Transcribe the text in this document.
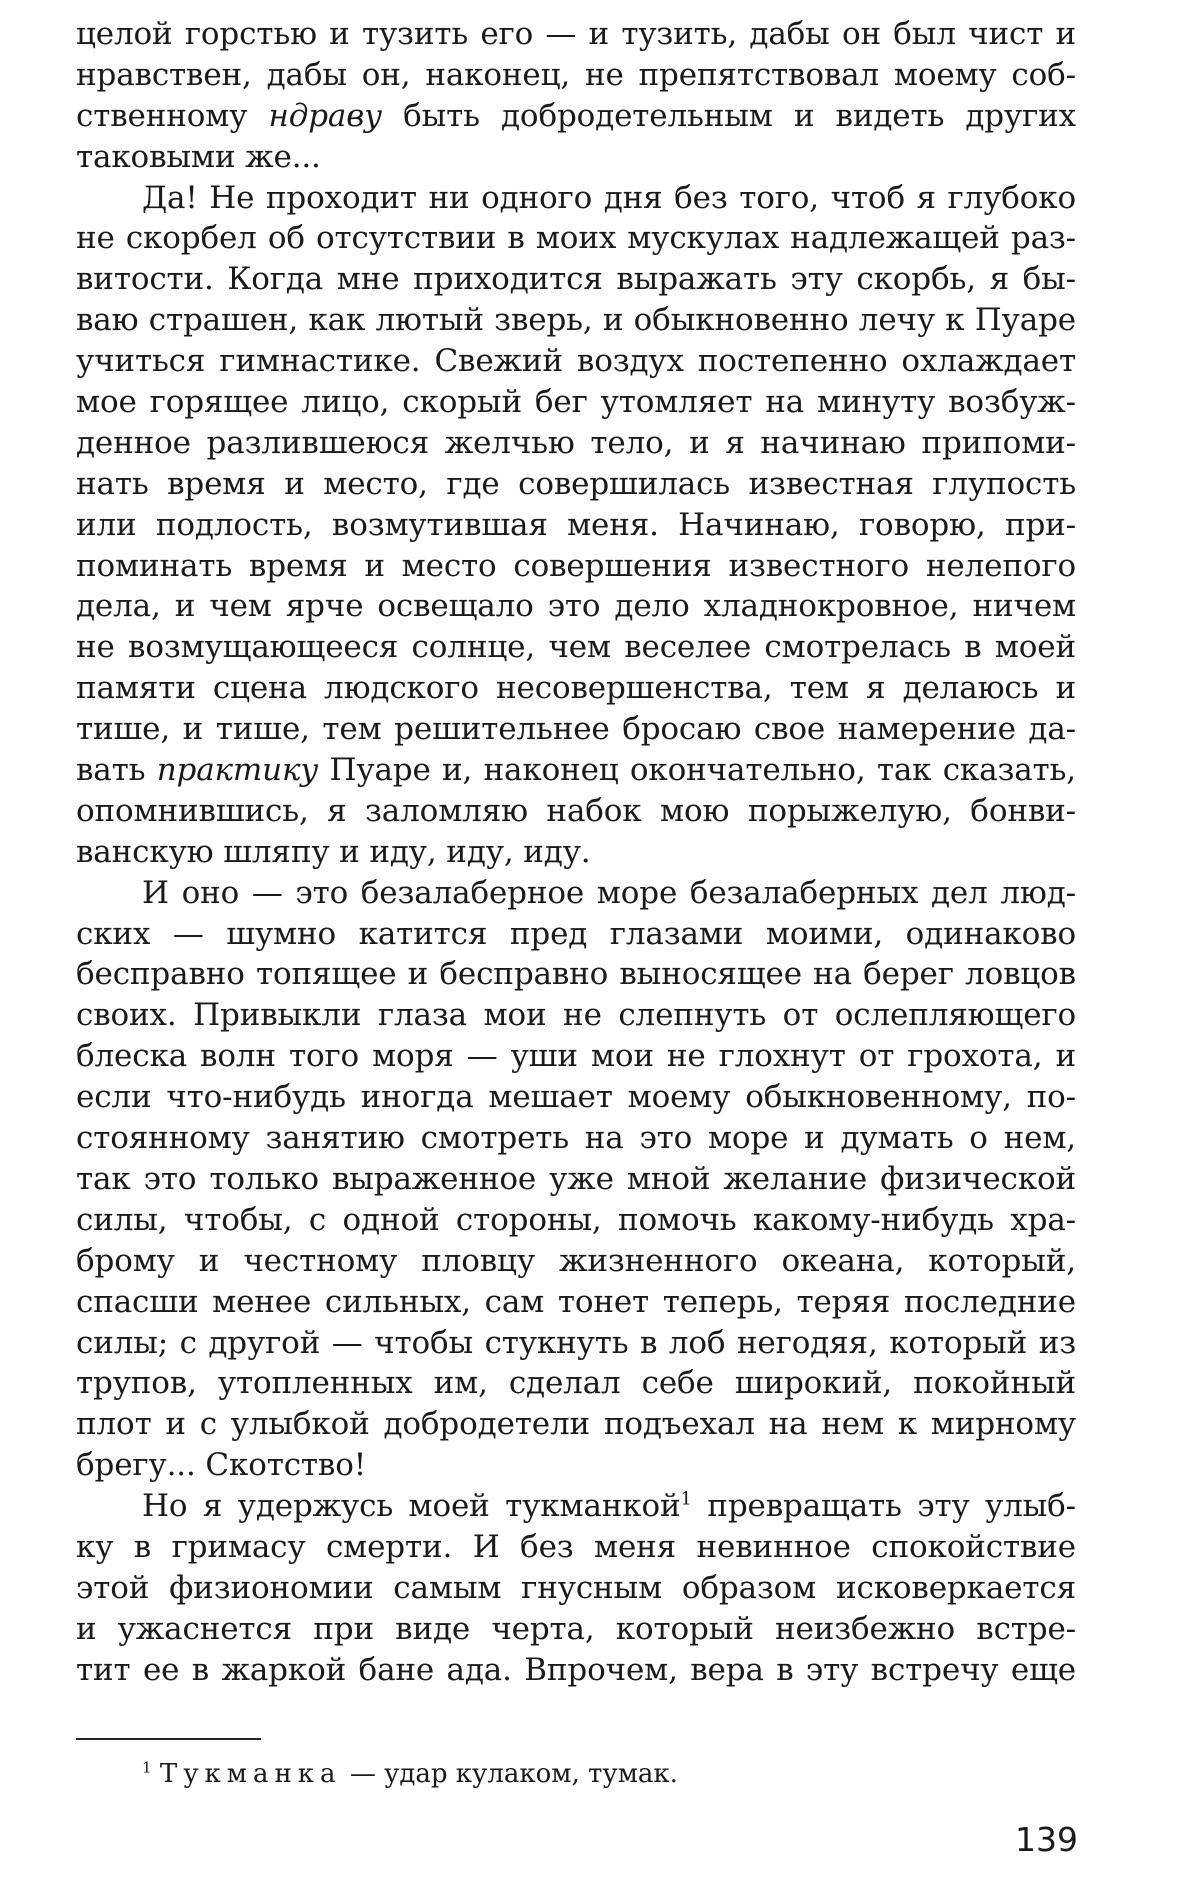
целой горстью и тузить его — и тузить, дабы он был чист и
нравствен, дабы он, наконец, не препятствовал моему соб-
ственному ндраву быть добродетельным и видеть других
таковыми же...
Да! Не проходит ни одного дня без того, чтоб я глубоко
не скорбел об отсутствии в моих мускулах надлежащей раз-
витости. Когда мне приходится выражать эту скорбь, я бы-
ваю страшен, как лютый зверь, и обыкновенно лечу к Пуаре
учиться гимнастике. Свежий воздух постепенно охлаждает
мое горящее лицо, скорый бег утомляет на минуту возбуж-
денное разлившеюся желчью тело, и я начинаю припоми-
нать время и место, где совершилась известная глупость
или подлость, возмутившая меня. Начинаю, говорю, при-
поминать время и место совершения известного нелепого
дела, и чем ярче освещало это дело хладнокровное, ничем
не возмущающееся солнце, чем веселее смотрелась в моей
памяти сцена людского несовершенства, тем я делаюсь и
тише, и тише, тем решительнее бросаю свое намерение да-
вать практику Пуаре и, наконец окончательно, так сказать,
опомнившись, я заломляю набок мою порыжелую, бонви-
ванскую шляпу и иду, иду, иду.
И оно — это безалаберное море безалаберных дел люд-
ских — шумно катится пред глазами моими, одинаково
бесправно топящее и бесправно выносящее на берег ловцов
своих. Привыкли глаза мои не слепнуть от ослепляющего
блеска волн того моря — уши мои не глохнут от грохота, и
если что-нибудь иногда мешает моему обыкновенному, по-
стоянному занятию смотреть на это море и думать о нем,
так это только выраженное уже мной желание физической
силы, чтобы, с одной стороны, помочь какому-нибудь хра-
брому и честному пловцу жизненного океана, который,
спасши менее сильных, сам тонет теперь, теряя последние
силы; с другой — чтобы стукнуть в лоб негодяя, который из
трупов, утопленных им, сделал себе широкий, покойный
плот и с улыбкой добродетели подъехал на нем к мирному
брегу... Скотство!
Но я удержусь моей тукманкой$^1$ превращать эту улыб-
ку в гримасу смерти. И без меня невинное спокойствие
этой физиономии самым гнусным образом исковеркается
и ужаснется при виде черта, который неизбежно встре-
тит ее в жаркой бане ада. Впрочем, вера в эту встречу еще
$^1$ Тукманка — удар кулаком, тумак.
139
